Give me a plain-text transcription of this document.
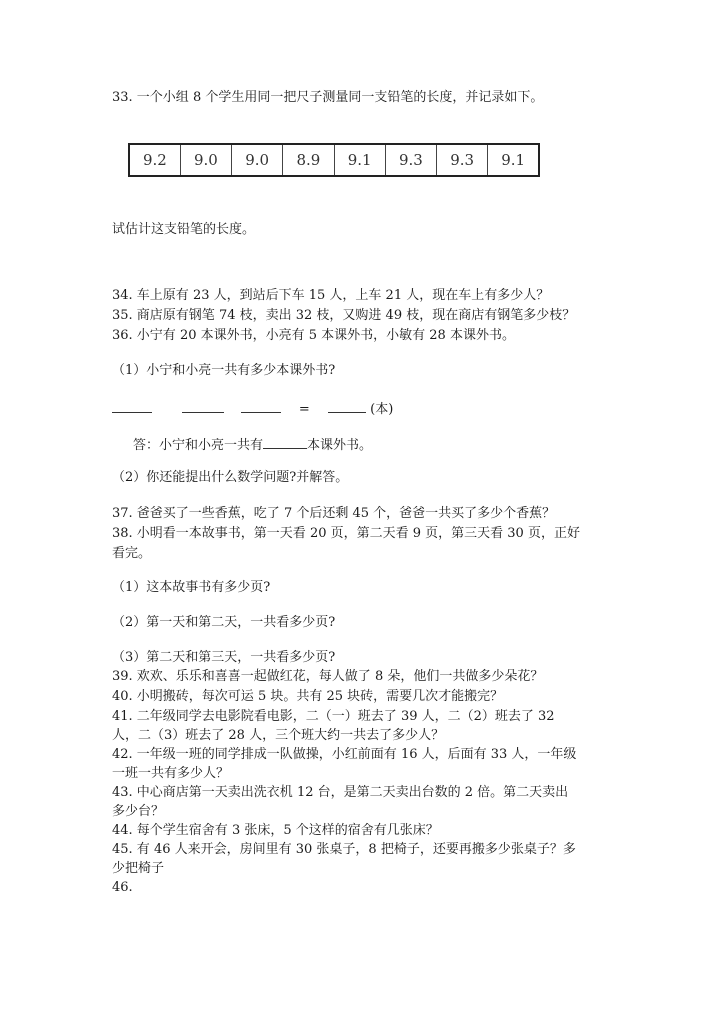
33. 一个小组 8 个学生用同一把尺子测量同一支铅笔的长度，并记录如下。
9.2	9.0	9.0	8.9	9.1	9.3	9.3	9.1
试估计这支铅笔的长度。
34. 车上原有 23 人，到站后下车 15 人，上车 21 人，现在车上有多少人？
35. 商店原有钢笔 74 枝，卖出 32 枝，又购进 49 枝，现在商店有钢笔多少枝？
36. 小宁有 20 本课外书，小亮有 5 本课外书，小敏有 28 本课外书。
（1）小宁和小亮一共有多少本课外书?
=	(本)
答：小宁和小亮一共有	本课外书。
（2）你还能提出什么数学问题?并解答。
37. 爸爸买了一些香蕉，吃了 7 个后还剩 45 个，爸爸一共买了多少个香蕉？
38. 小明看一本故事书，第一天看 20 页，第二天看 9 页，第三天看 30 页，正好
看完。
（1）这本故事书有多少页?
（2）第一天和第二天，一共看多少页?
（3）第二天和第三天，一共看多少页?
39. 欢欢、乐乐和喜喜一起做红花，每人做了 8 朵，他们一共做多少朵花？
40. 小明搬砖，每次可运 5 块。共有 25 块砖，需要几次才能搬完？
41. 二年级同学去电影院看电影，二（一）班去了 39 人，二（2）班去了 32
人，二（3）班去了 28 人，三个班大约一共去了多少人？
42. 一年级一班的同学排成一队做操，小红前面有 16 人，后面有 33 人，一年级
一班一共有多少人？
43. 中心商店第一天卖出洗衣机 12 台，是第二天卖出台数的 2 倍。第二天卖出
多少台？
44. 每个学生宿舍有 3 张床，5 个这样的宿舍有几张床？
45. 有 46 人来开会，房间里有 30 张桌子，8 把椅子，还要再搬多少张桌子？多
少把椅子
46.
